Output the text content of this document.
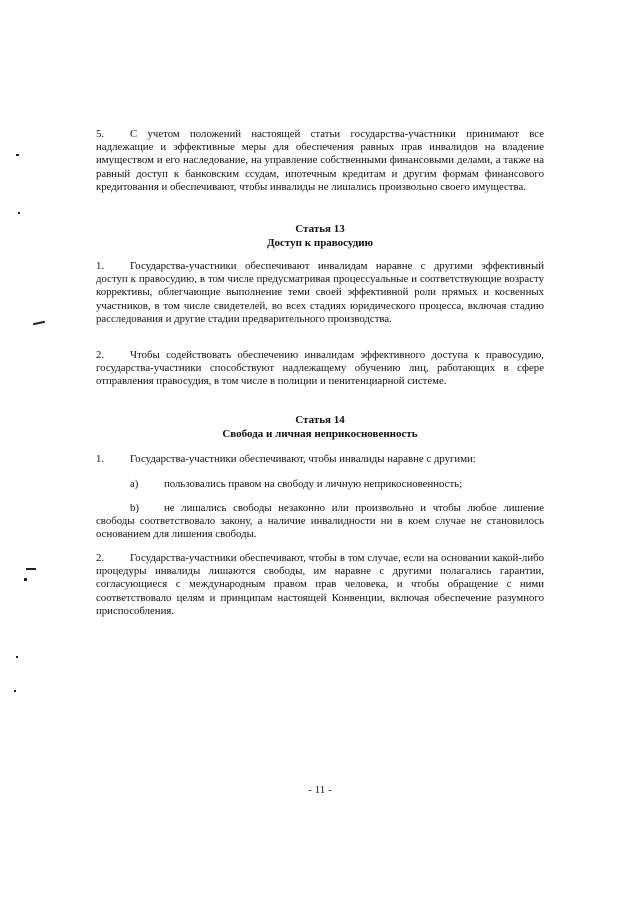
5. С учетом положений настоящей статьи государства-участники принимают все надлежащие и эффективные меры для обеспечения равных прав инвалидов на владение имуществом и его наследование, на управление собственными финансовыми делами, а также на равный доступ к банковским ссудам, ипотечным кредитам и другим формам финансового кредитования и обеспечивают, чтобы инвалиды не лишались произвольно своего имущества.

Статья 13

Доступ к правосудию

1. Государства-участники обеспечивают инвалидам наравне с другими эффективный доступ к правосудию, в том числе предусматривая процессуальные и соответствующие возрасту коррективы, облегчающие выполнение теми своей эффективной роли прямых и косвенных участников, в том числе свидетелей, во всех стадиях юридического процесса, включая стадию расследования и другие стадии предварительного производства.

2. Чтобы содействовать обеспечению инвалидам эффективного доступа к правосудию, государства-участники способствуют надлежащему обучению лиц, работающих в сфере отправления правосудия, в том числе в полиции и пенитенциарной системе.

Статья 14

Свобода и личная неприкосновенность

1. Государства-участники обеспечивают, чтобы инвалиды наравне с другими:

a) пользовались правом на свободу и личную неприкосновенность;

b) не лишались свободы незаконно или произвольно и чтобы любое лишение свободы соответствовало закону, а наличие инвалидности ни в коем случае не становилось основанием для лишения свободы.

2. Государства-участники обеспечивают, чтобы в том случае, если на основании какой-либо процедуры инвалиды лишаются свободы, им наравне с другими полагались гарантии, согласующиеся с международным правом прав человека, и чтобы обращение с ними соответствовало целям и принципам настоящей Конвенции, включая обеспечение разумного приспособления.

- 11 -
